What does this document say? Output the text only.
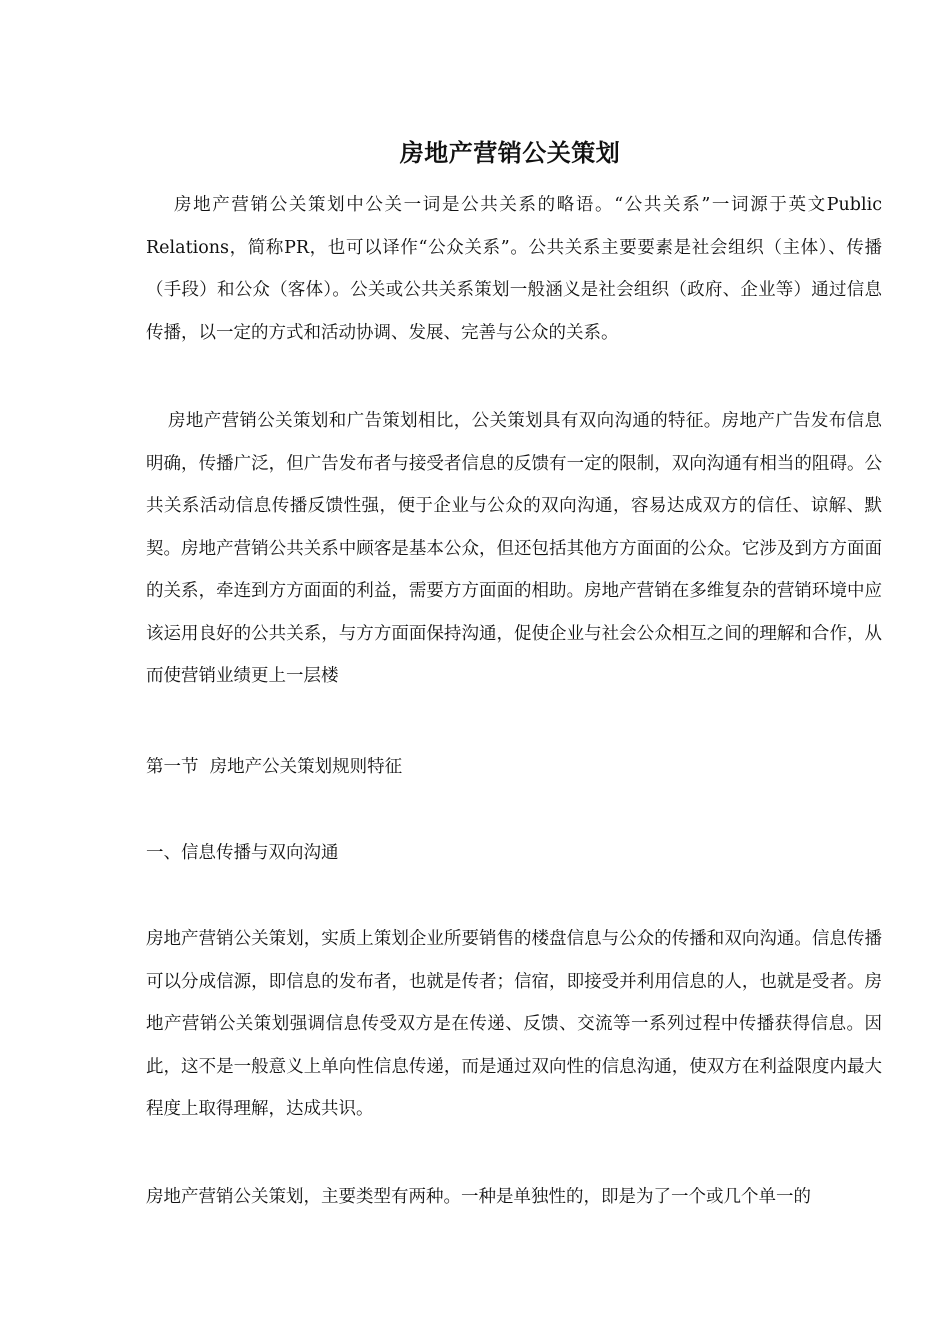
房地产营销公关策划

房地产营销公关策划中公关一词是公共关系的略语。“公共关系”一词源于英文Public Relations，简称PR，也可以译作“公众关系”。公共关系主要要素是社会组织（主体）、传播（手段）和公众（客体）。公关或公共关系策划一般涵义是社会组织（政府、企业等）通过信息传播，以一定的方式和活动协调、发展、完善与公众的关系。

房地产营销公关策划和广告策划相比，公关策划具有双向沟通的特征。房地产广告发布信息明确，传播广泛，但广告发布者与接受者信息的反馈有一定的限制，双向沟通有相当的阻碍。公共关系活动信息传播反馈性强，便于企业与公众的双向沟通，容易达成双方的信任、谅解、默契。房地产营销公共关系中顾客是基本公众，但还包括其他方方面面的公众。它涉及到方方面面的关系，牵连到方方面面的利益，需要方方面面的相助。房地产营销在多维复杂的营销环境中应该运用良好的公共关系，与方方面面保持沟通，促使企业与社会公众相互之间的理解和合作，从而使营销业绩更上一层楼

第一节  房地产公关策划规则特征

一、信息传播与双向沟通

房地产营销公关策划，实质上策划企业所要销售的楼盘信息与公众的传播和双向沟通。信息传播可以分成信源，即信息的发布者，也就是传者；信宿，即接受并利用信息的人，也就是受者。房地产营销公关策划强调信息传受双方是在传递、反馈、交流等一系列过程中传播获得信息。因此，这不是一般意义上单向性信息传递，而是通过双向性的信息沟通，使双方在利益限度内最大程度上取得理解，达成共识。

房地产营销公关策划，主要类型有两种。一种是单独性的，即是为了一个或几个单一的
